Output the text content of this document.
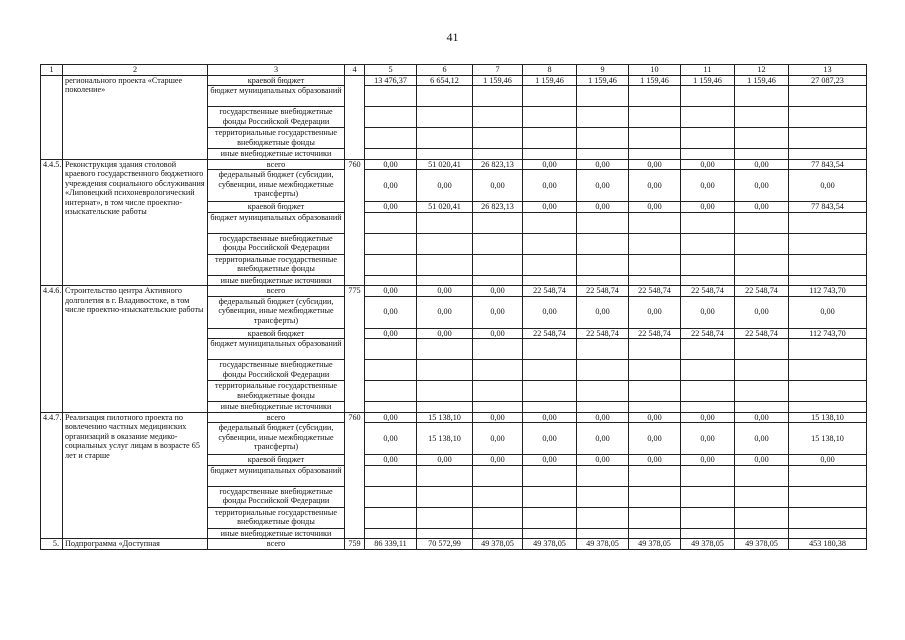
41
1	2	3	4	5	6	7	8	9	10	11	12	13
	регионального проекта «Старшее поколение»	краевой бюджет		13 476,37	6 654,12	1 159,46	1 159,46	1 159,46	1 159,46	1 159,46	1 159,46	27 087,23
		бюджет муниципальных образований										
		государственные внебюджетные фонды Российской Федерации										
		территориальные государственные внебюджетные фонды										
		иные внебюджетные источники										
4.4.5.	Реконструкция здания столовой краевого государственного бюджетного учреждения социального обслуживания «Липовецкий психоневрологический интернат», в том числе проектно-изыскательские работы	всего	760	0,00	51 020,41	26 823,13	0,00	0,00	0,00	0,00	0,00	77 843,54
		федеральный бюджет (субсидии, субвенции, иные межбюджетные трансферты)		0,00	0,00	0,00	0,00	0,00	0,00	0,00	0,00	0,00
		краевой бюджет		0,00	51 020,41	26 823,13	0,00	0,00	0,00	0,00	0,00	77 843,54
		бюджет муниципальных образований										
		государственные внебюджетные фонды Российской Федерации										
		территориальные государственные внебюджетные фонды										
		иные внебюджетные источники										
4.4.6.	Строительство центра Активного долголетия в г. Владивостоке, в том числе проектно-изыскательские работы	всего	775	0,00	0,00	0,00	22 548,74	22 548,74	22 548,74	22 548,74	22 548,74	112 743,70
		федеральный бюджет (субсидии, субвенции, иные межбюджетные трансферты)		0,00	0,00	0,00	0,00	0,00	0,00	0,00	0,00	0,00
		краевой бюджет		0,00	0,00	0,00	22 548,74	22 548,74	22 548,74	22 548,74	22 548,74	112 743,70
		бюджет муниципальных образований										
		государственные внебюджетные фонды Российской Федерации										
		территориальные государственные внебюджетные фонды										
		иные внебюджетные источники										
4.4.7.	Реализация пилотного проекта по вовлечению частных медицинских организаций в оказание медико-социальных услуг лицам в возрасте 65 лет и старше	всего	760	0,00	15 138,10	0,00	0,00	0,00	0,00	0,00	0,00	15 138,10
		федеральный бюджет (субсидии, субвенции, иные межбюджетные трансферты)		0,00	15 138,10	0,00	0,00	0,00	0,00	0,00	0,00	15 138,10
		краевой бюджет		0,00	0,00	0,00	0,00	0,00	0,00	0,00	0,00	0,00
		бюджет муниципальных образований										
		государственные внебюджетные фонды Российской Федерации										
		территориальные государственные внебюджетные фонды										
		иные внебюджетные источники										
5.	Подпрограмма «Доступная	всего	759	86 339,11	70 572,99	49 378,05	49 378,05	49 378,05	49 378,05	49 378,05	49 378,05	453 180,38
